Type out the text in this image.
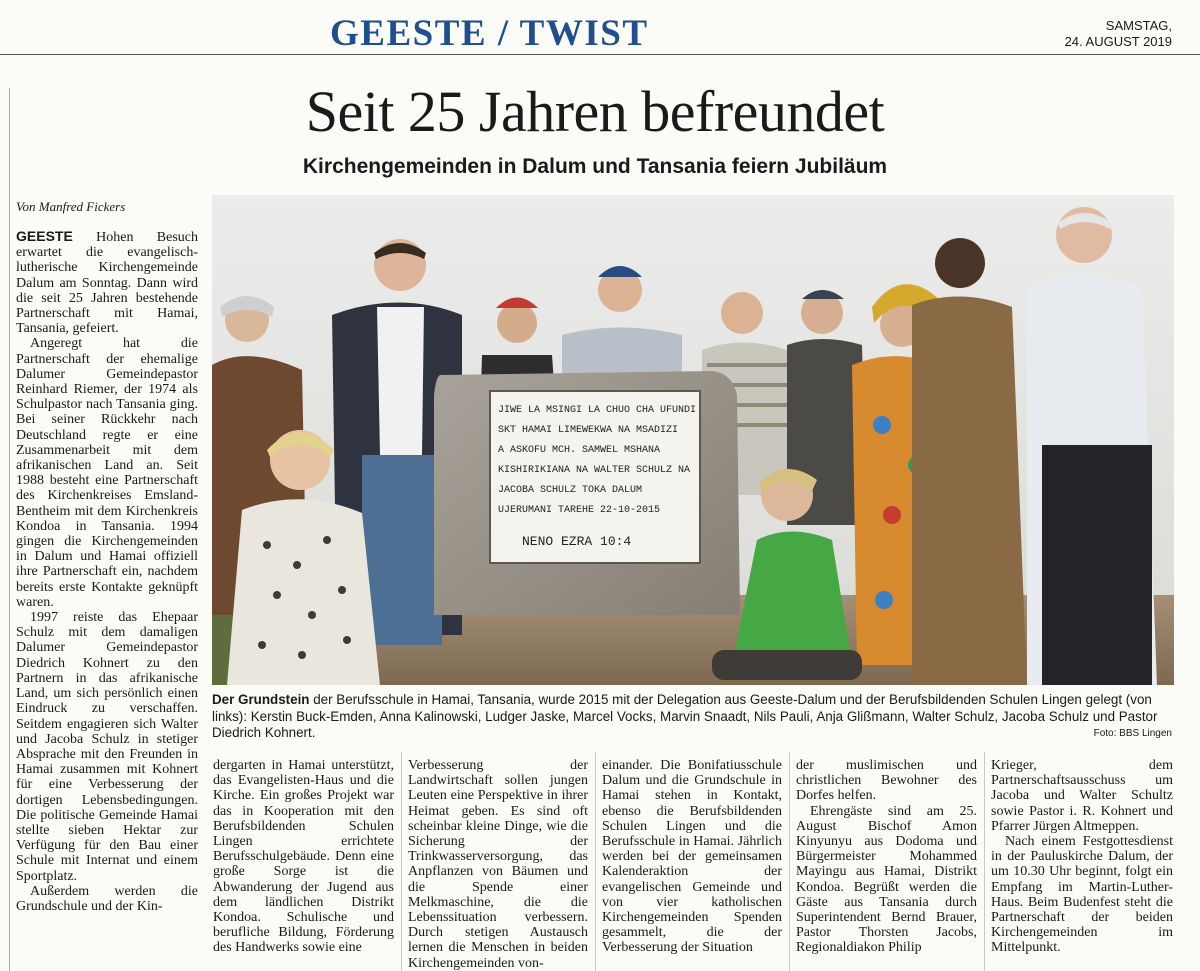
GEESTE / TWIST	SAMSTAG,
24. AUGUST 2019
Seit 25 Jahren befreundet
Kirchengemeinden in Dalum und Tansania feiern Jubiläum
Von Manfred Fickers

GEESTE Hohen Besuch erwartet die evangelisch-lutherische Kirchengemeinde Dalum am Sonntag. Dann wird die seit 25 Jahren bestehende Partnerschaft mit Hamai, Tansania, gefeiert.

Angeregt hat die Partnerschaft der ehemalige Dalumer Gemeindepastor Reinhard Riemer, der 1974 als Schulpastor nach Tansania ging. Bei seiner Rückkehr nach Deutschland regte er eine Zusammenarbeit mit dem afrikanischen Land an. Seit 1988 besteht eine Partnerschaft des Kirchenkreises Emsland-Bentheim mit dem Kirchenkreis Kondoa in Tansania. 1994 gingen die Kirchengemeinden in Dalum und Hamai offiziell ihre Partnerschaft ein, nachdem bereits erste Kontakte geknüpft waren.

1997 reiste das Ehepaar Schulz mit dem damaligen Dalumer Gemeindepastor Diedrich Kohnert zu den Partnern in das afrikanische Land, um sich persönlich einen Eindruck zu verschaffen. Seitdem engagieren sich Walter und Jacoba Schulz in stetiger Absprache mit den Freunden in Hamai zusammen mit Kohnert für eine Verbesserung der dortigen Lebensbedingungen. Die politische Gemeinde Hamai stellte sieben Hektar zur Verfügung für den Bau einer Schule mit Internat und einem Sportplatz.

Außerdem werden die Grundschule und der Kin-

JIWE LA MSINGI LA CHUO CHA UFUNDI
SKT HAMAI LIMEWEKWA NA MSADIZI
A ASKOFU MCH. SAMWEL MSHANA
KISHIRIKIANA NA WALTER SCHULZ NA
JACOBA SCHULZ TOKA DALUM
UJERUMANI TAREHE 22-10-2015
NENO EZRA 10:4
Der Grundstein der Berufsschule in Hamai, Tansania, wurde 2015 mit der Delegation aus Geeste-Dalum und der Berufsbildenden Schulen Lingen gelegt (von links): Kerstin Buck-Emden, Anna Kalinowski, Ludger Jaske, Marcel Vocks, Marvin Snaadt, Nils Pauli, Anja Glißmann, Walter Schulz, Jacoba Schulz und Pastor Diedrich Kohnert.	Foto: BBS Lingen

dergarten in Hamai unterstützt, das Evangelisten-Haus und die Kirche. Ein großes Projekt war das in Kooperation mit den Berufsbildenden Schulen Lingen errichtete Berufsschulgebäude. Denn eine große Sorge ist die Abwanderung der Jugend aus dem ländlichen Distrikt Kondoa. Schulische und berufliche Bildung, Förderung des Handwerks sowie eine

Verbesserung der Landwirtschaft sollen jungen Leuten eine Perspektive in ihrer Heimat geben. Es sind oft scheinbar kleine Dinge, wie die Sicherung der Trinkwasserversorgung, das Anpflanzen von Bäumen und die Spende einer Melkmaschine, die die Lebenssituation verbessern. Durch stetigen Austausch lernen die Menschen in beiden Kirchengemeinden von-

einander. Die Bonifatiusschule Dalum und die Grundschule in Hamai stehen in Kontakt, ebenso die Berufsbildenden Schulen Lingen und die Berufsschule in Hamai. Jährlich werden bei der gemeinsamen Kalenderaktion der evangelischen Gemeinde und von vier katholischen Kirchengemeinden Spenden gesammelt, die der Verbesserung der Situation

der muslimischen und christlichen Bewohner des Dorfes helfen.

Ehrengäste sind am 25. August Bischof Amon Kinyunyu aus Dodoma und Bürgermeister Mohammed Mayingu aus Hamai, Distrikt Kondoa. Begrüßt werden die Gäste aus Tansania durch Superintendent Bernd Brauer, Pastor Thorsten Jacobs, Regionaldiakon Philip

Krieger, dem Partnerschaftsausschuss um Jacoba und Walter Schultz sowie Pastor i. R. Kohnert und Pfarrer Jürgen Altmeppen.

Nach einem Festgottesdienst in der Pauluskirche Dalum, der um 10.30 Uhr beginnt, folgt ein Empfang im Martin-Luther-Haus. Beim Budenfest steht die Partnerschaft der beiden Kirchengemeinden im Mittelpunkt.
